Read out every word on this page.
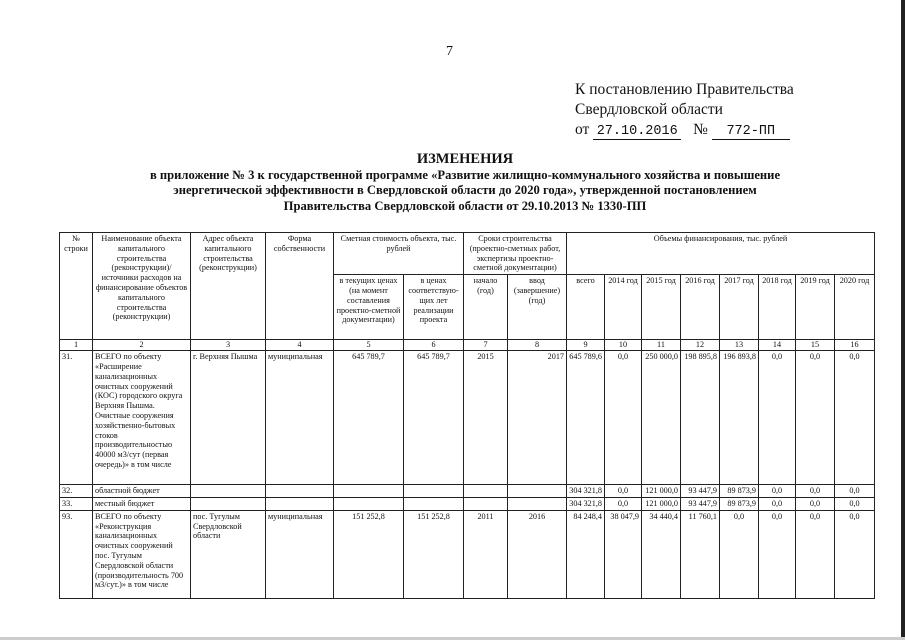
7
К постановлению Правительства
Свердловской области
от 27.10.2016 № 772-ПП
ИЗМЕНЕНИЯ
в приложение № 3 к государственной программе «Развитие жилищно-коммунального хозяйства и повышение
энергетической эффективности в Свердловской области до 2020 года», утвержденной постановлением
Правительства Свердловской области от 29.10.2013 № 1330-ПП
№ строки	Наименование объекта капитального строительства (реконструкции)/ источники расходов на финансирование объектов капитального строительства (реконструкции)	Адрес объекта капитального строительства (реконструкции)	Форма собственности	Сметная стоимость объекта, тыс. рублей		Сроки строительства (проектно-сметных работ, экспертизы проектно-сметной документации)		Объемы финансирования, тыс. рублей							
				в текущих ценах (на момент составления проектно-сметной документации)	в ценах соответствую-щих лет реализации проекта	начало (год)	ввод (завершение) (год)	всего	2014 год	2015 год	2016 год	2017 год	2018 год	2019 год	2020 год
1	2	3	4	5	6	7	8	9	10	11	12	13	14	15	16
31.	ВСЕГО по объекту «Расширение канализационных очистных сооружений (КОС) городского округа Верхняя Пышма. Очистные сооружения хозяйственно-бытовых стоков производительностью 40000 м3/сут (первая очередь)» в том числе	г. Верхняя Пышма	муниципальная	645 789,7	645 789,7	2015	2017	645 789,6	0,0	250 000,0	198 895,8	196 893,8	0,0	0,0	0,0
32.	областной бюджет							304 321,8	0,0	121 000,0	93 447,9	89 873,9	0,0	0,0	0,0
33.	местный бюджет							304 321,8	0,0	121 000,0	93 447,9	89 873,9	0,0	0,0	0,0
93.	ВСЕГО по объекту «Реконструкция канализационных очистных сооружений пос. Тугулым Свердловской области (производительность 700 м3/сут.)» в том числе	пос. Тугулым Свердловской области	муниципальная	151 252,8	151 252,8	2011	2016	84 248,4	38 047,9	34 440,4	11 760,1	0,0	0,0	0,0	0,0
